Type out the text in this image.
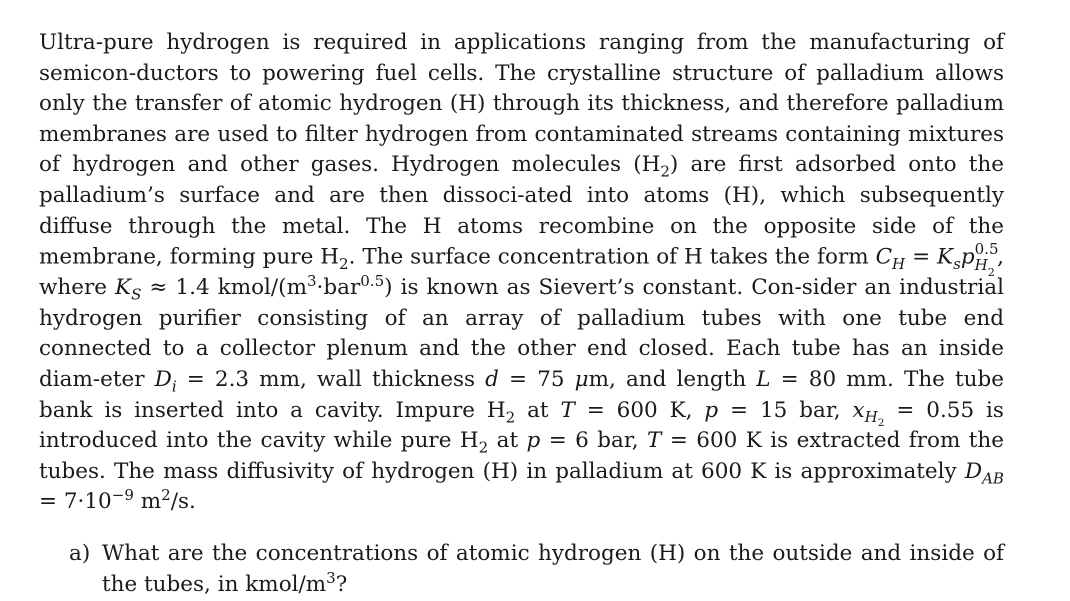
Ultra-pure hydrogen is required in applications ranging from the manufacturing of semicon-ductors to powering fuel cells. The crystalline structure of palladium allows only the transfer of atomic hydrogen (H) through its thickness, and therefore palladium membranes are used to filter hydrogen from contaminated streams containing mixtures of hydrogen and other gases. Hydrogen molecules $(H_2)$ are first adsorbed onto the palladium’s surface and are then dissoci-ated into atoms (H), which subsequently diffuse through the metal. The H atoms recombine on the opposite side of the membrane, forming pure $H_2$. The surface concentration of H takes the form $C_H = K_sp$ 0.5
$H_2$
, where $K_S \approx 1.4$ kmol/$(m^3\cdot bar^{0.5})$ is known as Sievert’s constant. Con-sider an industrial hydrogen purifier consisting of an array of palladium tubes with one tube end connected to a collector plenum and the other end closed. Each tube has an inside diam-eter $D_i = 2.3$ mm, wall thickness d = 75 μm, and length L = 80 mm. The tube bank is inserted into a cavity. Impure $H_2$ at T = 600 K, p = 15 bar, $x_{H_2} = 0.55$ is introduced into the cavity while pure $H_2$ at p = 6 bar, T = 600 K is extracted from the tubes. The mass diffusivity of hydrogen (H) in palladium at 600 K is approximately $D_{AB} = 7\cdot 10^{-9}$ $m^2/s$.

a) What are the concentrations of atomic hydrogen (H) on the outside and inside of the tubes, in kmol/$m^3$?
